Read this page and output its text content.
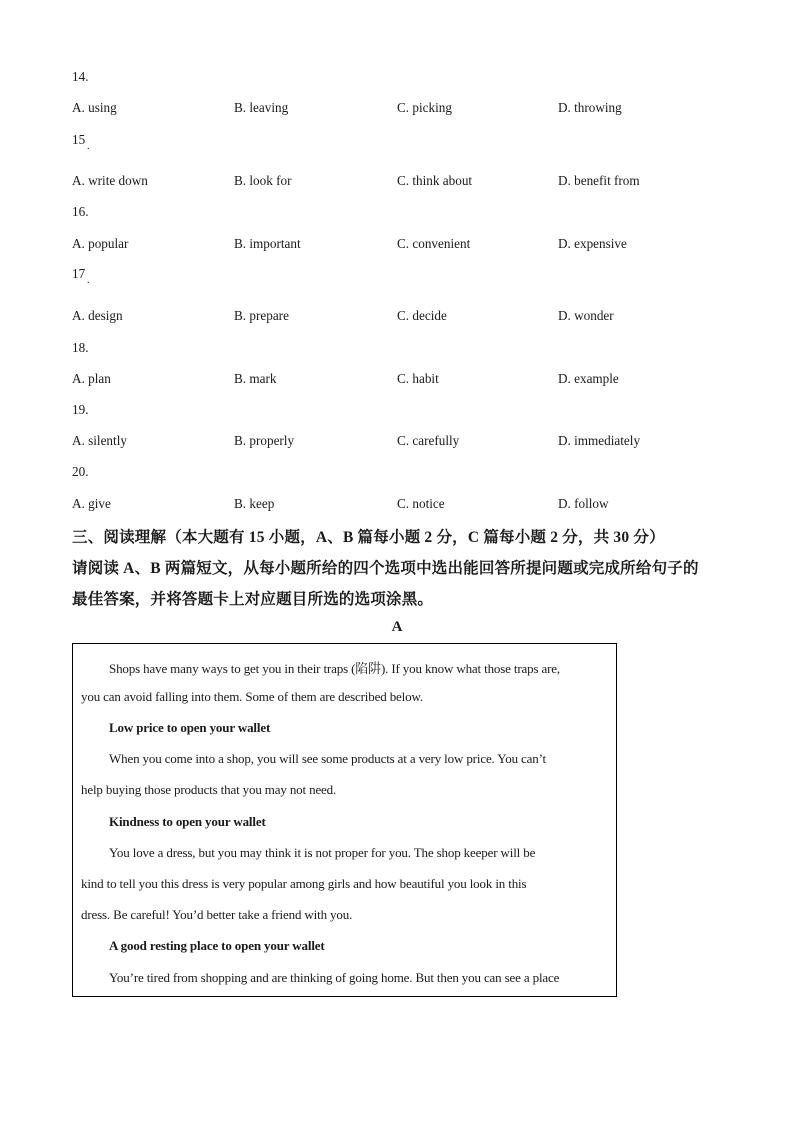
14.
A. using	B. leaving	C. picking	D. throwing
15 .
A. write down	B. look for	C. think about	D. benefit from
16.
A. popular	B. important	C. convenient	D. expensive
17 .
A. design	B. prepare	C. decide	D. wonder
18.
A. plan	B. mark	C. habit	D. example
19.
A. silently	B. properly	C. carefully	D. immediately
20.
A. give	B. keep	C. notice	D. follow
三、阅读理解（本大题有 15 小题，A、B 篇每小题 2 分，C 篇每小题 2 分，共 30 分）
请阅读 A、B 两篇短文，从每小题所给的四个选项中选出能回答所提问题或完成所给句子的
最佳答案，并将答题卡上对应题目所选的选项涂黑。
A
Shops have many ways to get you in their traps (陷阱). If you know what those traps are,
you can avoid falling into them. Some of them are described below.
Low price to open your wallet
When you come into a shop, you will see some products at a very low price. You can’t
help buying those products that you may not need.
Kindness to open your wallet
You love a dress, but you may think it is not proper for you. The shop keeper will be
kind to tell you this dress is very popular among girls and how beautiful you look in this
dress. Be careful! You’d better take a friend with you.
A good resting place to open your wallet
You’re tired from shopping and are thinking of going home. But then you can see a place
